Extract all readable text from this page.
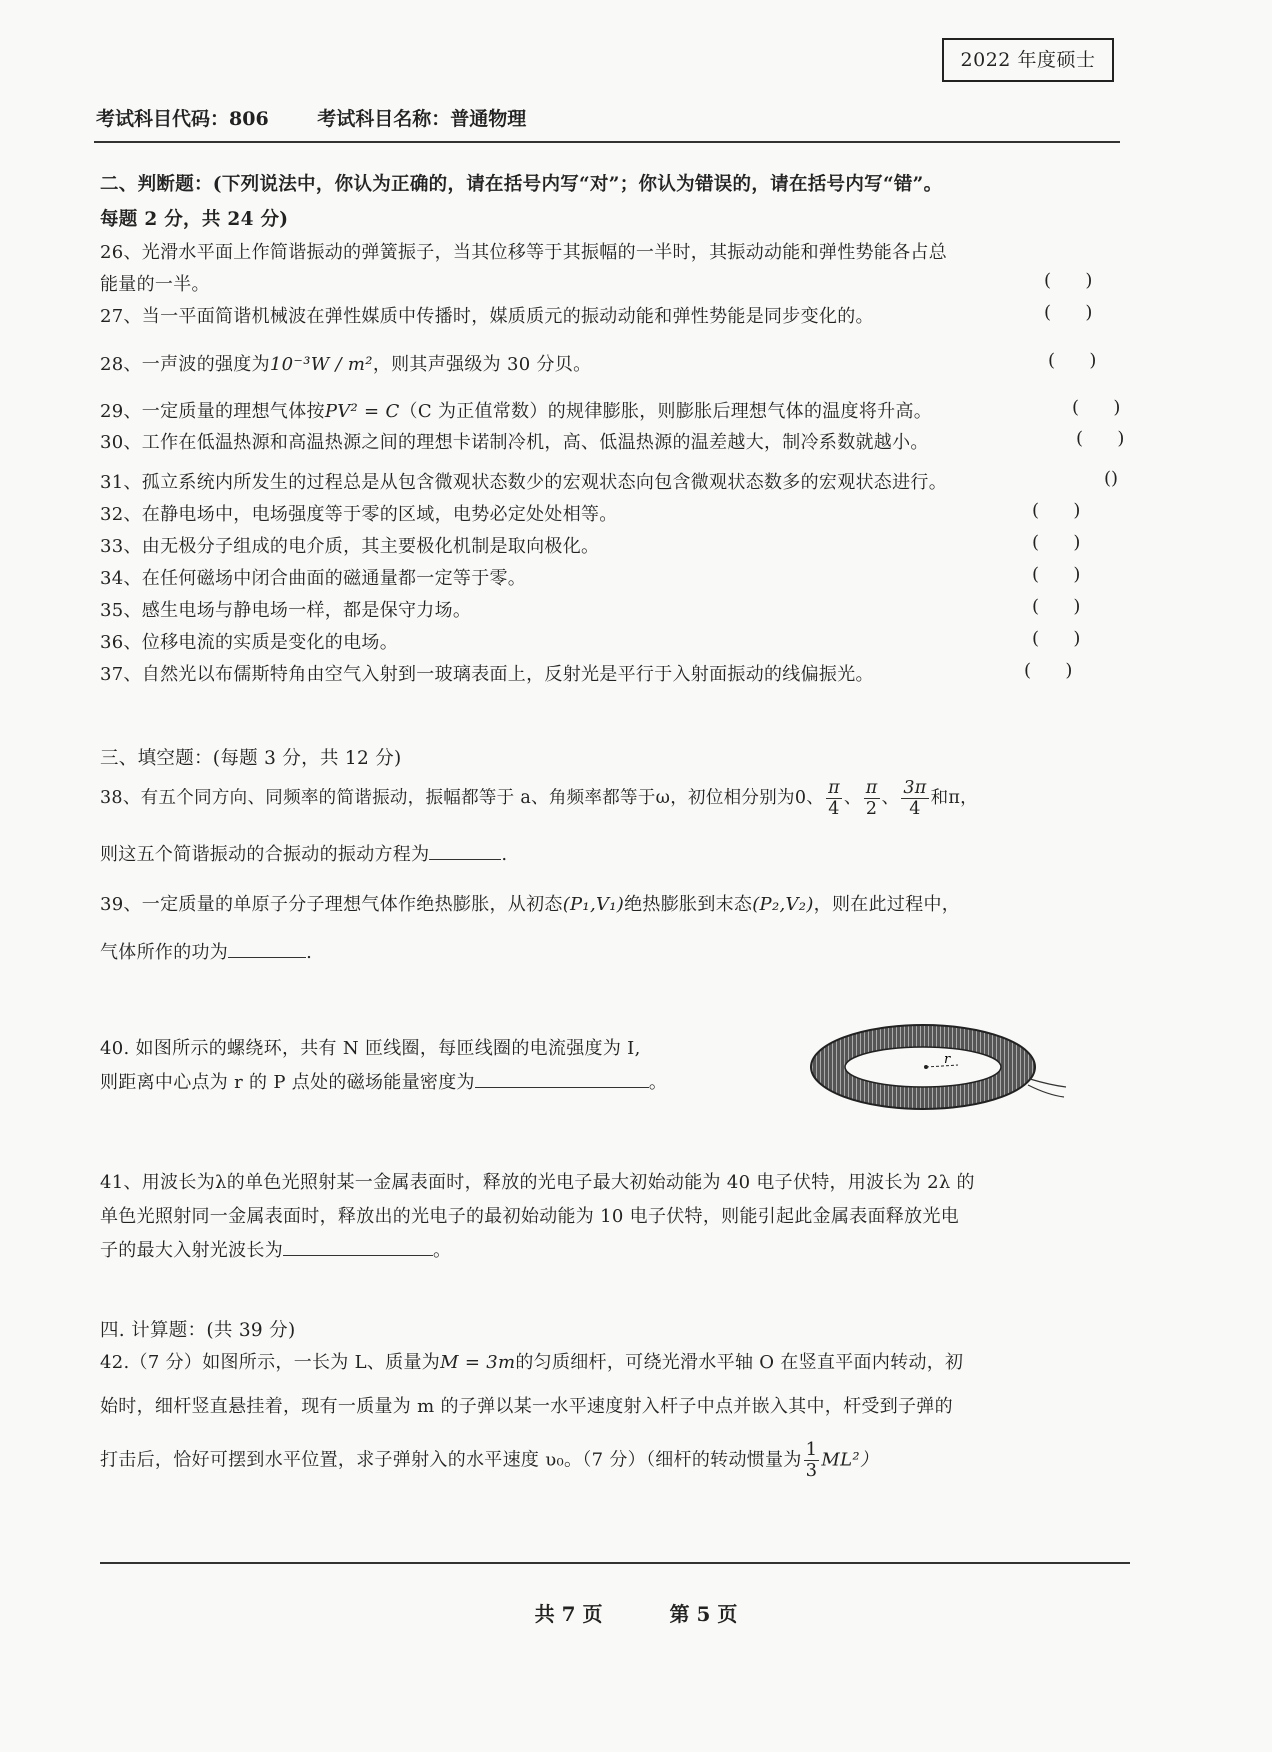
2022 年度硕士
考试科目代码：806	考试科目名称：普通物理
二、判断题：(下列说法中，你认为正确的，请在括号内写“对”；你认为错误的，请在括号内写“错”。
每题 2 分，共 24 分)
26、光滑水平面上作简谐振动的弹簧振子，当其位移等于其振幅的一半时，其振动动能和弹性势能各占总
能量的一半。	(      )
27、当一平面简谐机械波在弹性媒质中传播时，媒质质元的振动动能和弹性势能是同步变化的。	(      )
28、一声波的强度为10⁻³W / m²，则其声强级为 30 分贝。	(      )
29、一定质量的理想气体按PV² = C（C 为正值常数）的规律膨胀，则膨胀后理想气体的温度将升高。	(      )
30、工作在低温热源和高温热源之间的理想卡诺制冷机，高、低温热源的温差越大，制冷系数就越小。	(      )
31、孤立系统内所发生的过程总是从包含微观状态数少的宏观状态向包含微观状态数多的宏观状态进行。	()
32、在静电场中，电场强度等于零的区域，电势必定处处相等。	(      )
33、由无极分子组成的电介质，其主要极化机制是取向极化。	(      )
34、在任何磁场中闭合曲面的磁通量都一定等于零。	(      )
35、感生电场与静电场一样，都是保守力场。	(      )
36、位移电流的实质是变化的电场。	(      )
37、自然光以布儒斯特角由空气入射到一玻璃表面上，反射光是平行于入射面振动的线偏振光。	(      )
三、填空题：(每题 3 分，共 12 分)
38、有五个同方向、同频率的简谐振动，振幅都等于 a、角频率都等于ω，初位相分别为0、 $\frac{\pi}{4}$ 、 $\frac{\pi}{2}$ 、 $\frac{3\pi}{4}$ 和π，
则这五个简谐振动的合振动的振动方程为	.
39、一定质量的单原子分子理想气体作绝热膨胀，从初态(P₁,V₁)绝热膨胀到末态(P₂,V₂)，则在此过程中，
气体所作的功为	.
40. 如图所示的螺绕环，共有 N 匝线圈，每匝线圈的电流强度为 I,
则距离中心点为 r 的 P 点处的磁场能量密度为	。
r
41、用波长为λ的单色光照射某一金属表面时，释放的光电子最大初始动能为 40 电子伏特，用波长为 2λ 的
单色光照射同一金属表面时，释放出的光电子的最初始动能为 10 电子伏特，则能引起此金属表面释放光电
子的最大入射光波长为	。
四. 计算题：(共 39 分)
42.（7 分）如图所示，一长为 L、质量为M = 3m的匀质细杆，可绕光滑水平轴 O 在竖直平面内转动，初
始时，细杆竖直悬挂着，现有一质量为 m 的子弹以某一水平速度射入杆子中点并嵌入其中，杆受到子弹的
打击后，恰好可摆到水平位置，求子弹射入的水平速度 υ₀。（7 分）（细杆的转动惯量为 $\frac{1}{3} ML^2$）
共 7 页	第 5 页
